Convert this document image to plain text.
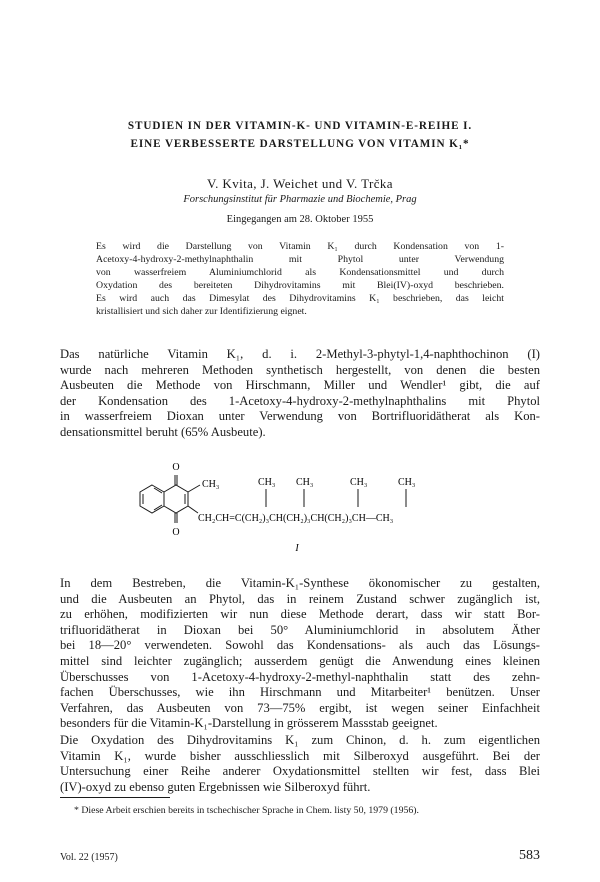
STUDIEN IN DER VITAMIN-K- UND VITAMIN-E-REIHE I.
EINE VERBESSERTE DARSTELLUNG VON VITAMIN K₁*
V. Kvita, J. Weichet und V. Trčka
Forschungsinstitut für Pharmazie und Biochemie, Prag
Eingegangen am 28. Oktober 1955

Es wird die Darstellung von Vitamin K₁ durch Kondensation von 1-

Acetoxy-4-hydroxy-2-methylnaphthalin mit Phytol unter Verwendung

von wasserfreiem Aluminiumchlorid als Kondensationsmittel und durch

Oxydation des bereiteten Dihydrovitamins mit Blei(IV)-oxyd beschrieben.

Es wird auch das Dimesylat des Dihydrovitamins K₁ beschrieben, das leicht

kristallisiert und sich daher zur Identifizierung eignet.

Das natürliche Vitamin K₁, d. i. 2-Methyl-3-phytyl-1,4-naphthochinon (I)

wurde nach mehreren Methoden synthetisch hergestellt, von denen die besten

Ausbeuten die Methode von Hirschmann, Miller und Wendler¹ gibt, die auf

der Kondensation des 1-Acetoxy-4-hydroxy-2-methylnaphthalins mit Phytol

in wasserfreiem Dioxan unter Verwendung von Bortrifluoridätherat als Kon-

densationsmittel beruht (65% Ausbeute).

O
O
CH₃	CH₃ CH₃	CH₃	CH₃
CH₂CH=C(CH₂)₃CH(CH₂)₃CH(CH₂)₃CH—CH₃
I

In dem Bestreben, die Vitamin-K₁-Synthese ökonomischer zu gestalten,

und die Ausbeuten an Phytol, das in reinem Zustand schwer zugänglich ist,

zu erhöhen, modifizierten wir nun diese Methode derart, dass wir statt Bor-

trifluoridätherat in Dioxan bei 50° Aluminiumchlorid in absolutem Äther

bei 18—20° verwendeten. Sowohl das Kondensations- als auch das Lösungs-

mittel sind leichter zugänglich; ausserdem genügt die Anwendung eines kleinen

Überschusses von 1-Acetoxy-4-hydroxy-2-methyl-naphthalin statt des zehn-

fachen Überschusses, wie ihn Hirschmann und Mitarbeiter¹ benützen. Unser

Verfahren, das Ausbeuten von 73—75% ergibt, ist wegen seiner Einfachheit

besonders für die Vitamin-K₁-Darstellung in grösserem Massstab geeignet.

Die Oxydation des Dihydrovitamins K₁ zum Chinon, d. h. zum eigentlichen

Vitamin K₁, wurde bisher ausschliesslich mit Silberoxyd ausgeführt. Bei der

Untersuchung einer Reihe anderer Oxydationsmittel stellten wir fest, dass Blei

(IV)-oxyd zu ebenso guten Ergebnissen wie Silberoxyd führt.

* Diese Arbeit erschien bereits in tschechischer Sprache in Chem. listy 50, 1979 (1956).
Vol. 22 (1957)	583
